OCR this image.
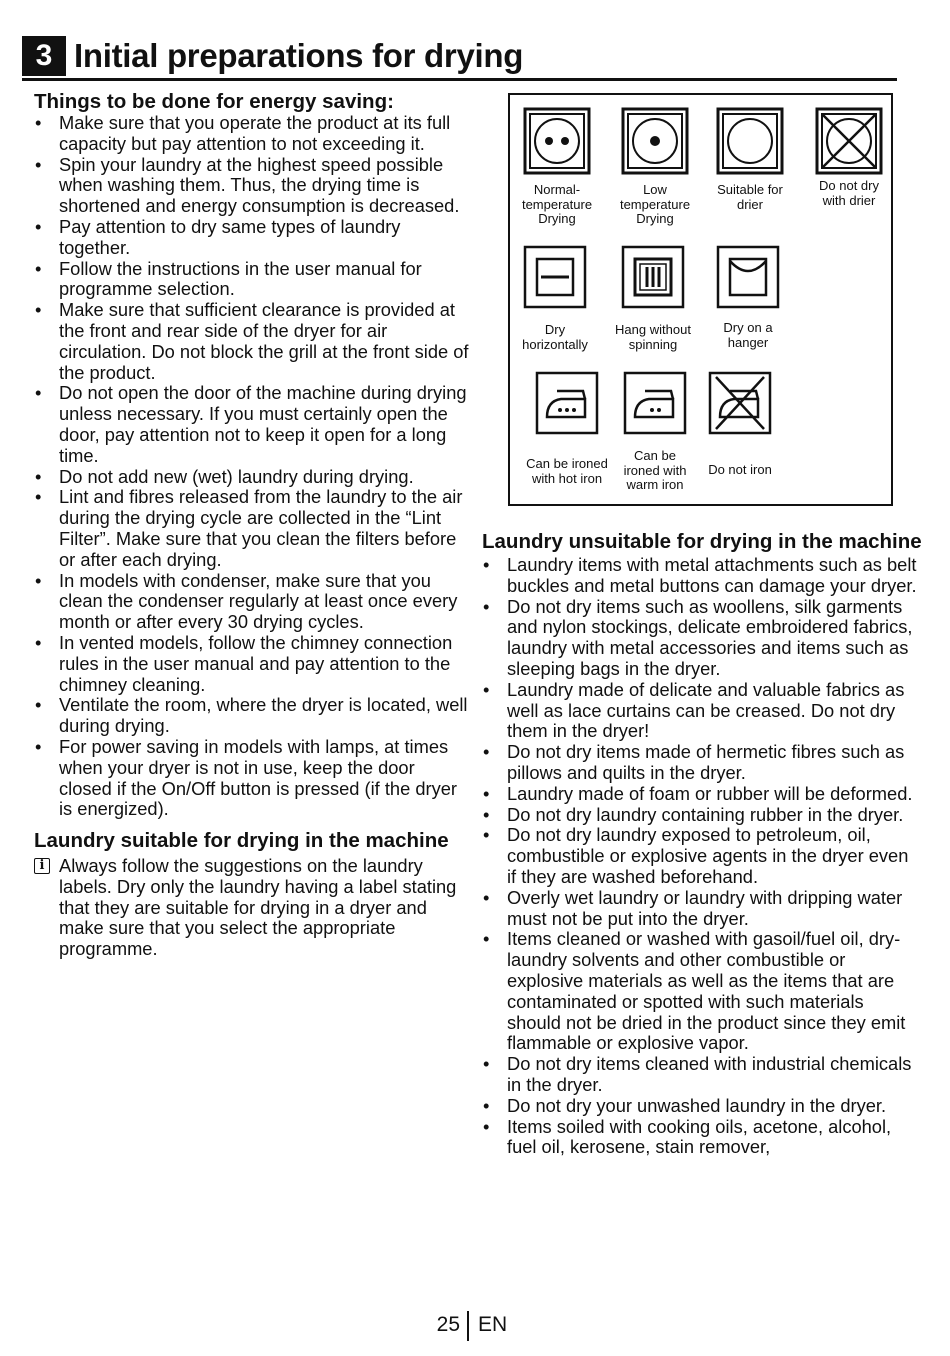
3 Initial preparations for drying
Things to be done for energy saving:
• Make sure that you operate the product at its full capacity but pay attention to not exceeding it.
• Spin your laundry at the highest speed possible when washing them. Thus, the drying time is shortened and energy consumption is decreased.
• Pay attention to dry same types of laundry together.
• Follow the instructions in the user manual for programme selection.
• Make sure that sufficient clearance is provided at the front and rear side of the dryer for air circulation. Do not block the grill at the front side of the product.
• Do not open the door of the machine during drying unless necessary. If you must certainly open the door, pay attention not to keep it open for a long time.
• Do not add new (wet) laundry during drying.
• Lint and fibres released from the laundry to the air during the drying cycle are collected in the “Lint Filter”. Make sure that you clean the filters before or after each drying.
• In models with condenser, make sure that you clean the condenser regularly at least once every month or after every 30 drying cycles.
• In vented models, follow the chimney connection rules in the user manual and pay attention to the chimney cleaning.
• Ventilate the room, where the dryer is located, well during drying.
• For power saving in models with lamps, at times when your dryer is not in use, keep the door closed if the On/Off button is pressed (if the dryer is energized).
Laundry suitable for drying in the machine
i Always follow the suggestions on the laundry labels. Dry only the laundry having a label stating that they are suitable for drying in a dryer and make sure that you select the appropriate programme.
Normal-
temperature
Drying
Low
temperature
Drying
Suitable for
drier
Do not dry
with drier
Dry
horizontally
Hang without
spinning
Dry on a
hanger
Can be ironed
with hot iron
Can be
ironed with
warm iron
Do not iron
Laundry unsuitable for drying in the machine
• Laundry items with metal attachments such as belt buckles and metal buttons can damage your dryer.
• Do not dry items such as woollens, silk garments and nylon stockings, delicate embroidered fabrics, laundry with metal accessories and items such as sleeping bags in the dryer.
• Laundry made of delicate and valuable fabrics as well as lace curtains can be creased. Do not dry them in the dryer!
• Do not dry items made of hermetic fibres such as pillows and quilts in the dryer.
• Laundry made of foam or rubber will be deformed.
• Do not dry laundry containing rubber in the dryer.
• Do not dry laundry exposed to petroleum, oil, combustible or explosive agents in the dryer even if they are washed beforehand.
• Overly wet laundry or laundry with dripping water must not be put into the dryer.
• Items cleaned or washed with gasoil/fuel oil, dry-laundry solvents and other combustible or explosive materials as well as the items that are contaminated or spotted with such materials should not be dried in the product since they emit flammable or explosive vapor.
• Do not dry items cleaned with industrial chemicals in the dryer.
• Do not dry your unwashed laundry in the dryer.
• Items soiled with cooking oils, acetone, alcohol, fuel oil, kerosene, stain remover,
25 EN
